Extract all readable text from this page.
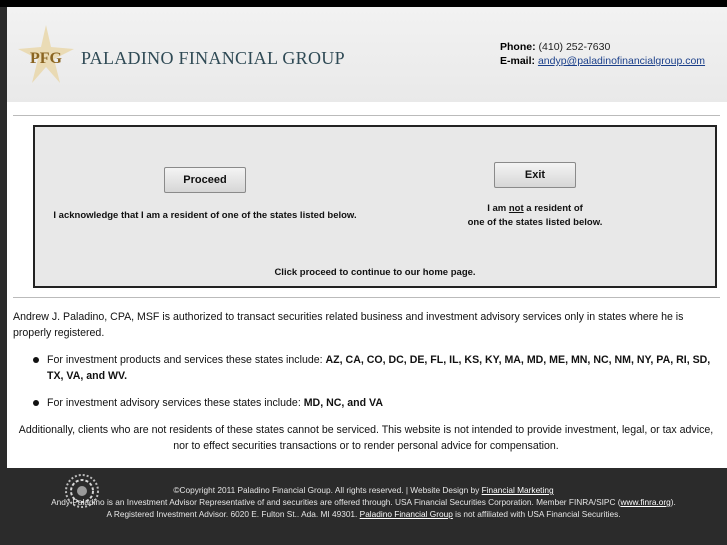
PFG PALADINO FINANCIAL GROUP
Phone: (410) 252-7630
E-mail: andyp@paladinofinancialgroup.com
Proceed	Exit
I acknowledge that I am a resident of one of the states listed below.
I am not a resident of
one of the states listed below.
Click proceed to continue to our home page.
Andrew J. Paladino, CPA, MSF is authorized to transact securities related business and investment advisory services only in states where he is properly registered.
For investment products and services these states include: AZ, CA, CO, DC, DE, FL, IL, KS, KY, MA, MD, ME, MN, NC, NM, NY, PA, RI, SD, TX, VA, and WV.
For investment advisory services these states include: MD, NC, and VA
Additionally, clients who are not residents of these states cannot be serviced. This website is not intended to provide investment, legal, or tax advice, nor to effect securities transactions or to render personal advice for compensation.
©Copyright 2011 Paladino Financial Group. All rights reserved. | Website Design by Financial Marketing
Andy Paladino is an Investment Advisor Representative of and securities are offered through. USA Financial Securities Corporation. Member FINRA/SIPC (www.finra.org).
A Registered Investment Advisor. 6020 E. Fulton St.. Ada. MI 49301. Paladino Financial Group is not affiliated with USA Financial Securities.
